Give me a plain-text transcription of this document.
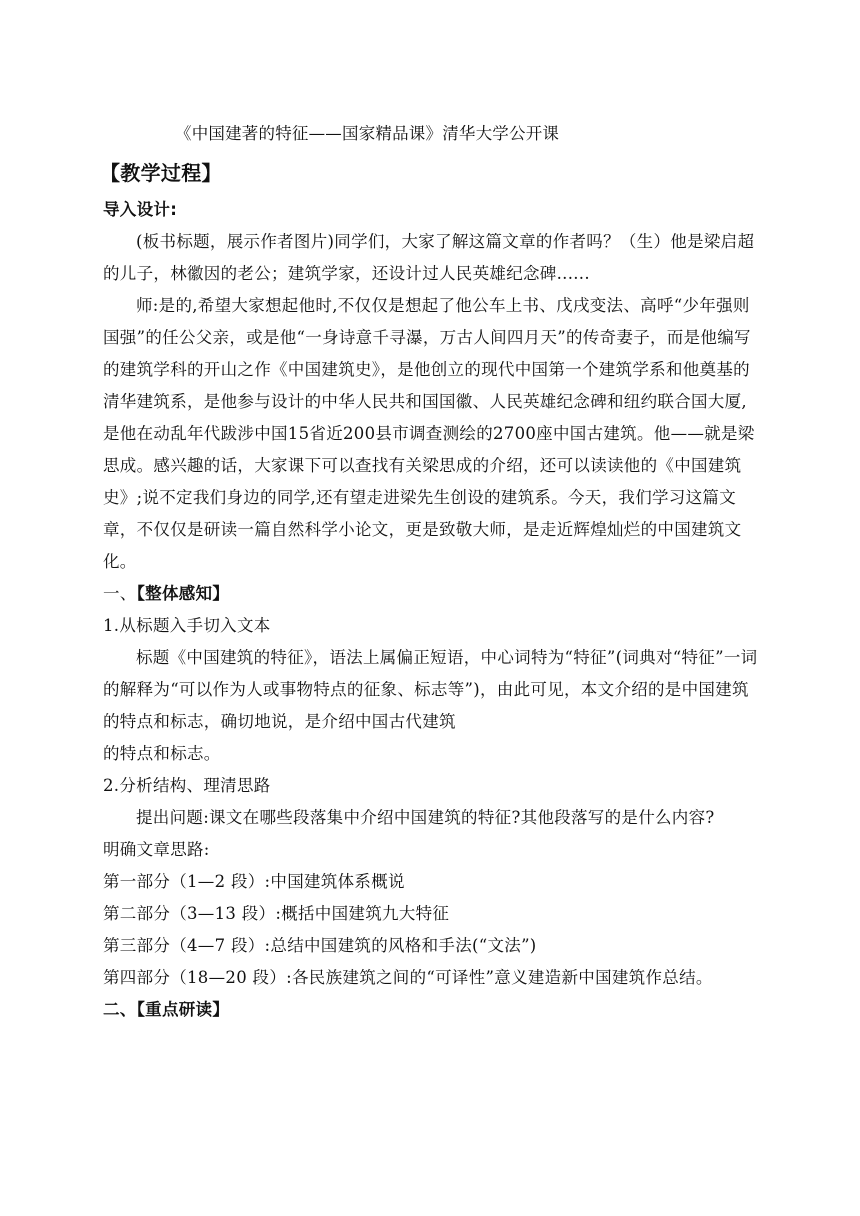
《中国建著的特征——国家精品课》清华大学公开课

【教学过程】

导入设计:

(板书标题，展示作者图片)同学们，大家了解这篇文章的作者吗？（生）他是梁启超的儿子，林徽因的老公；建筑学家，还设计过人民英雄纪念碑......

师:是的,希望大家想起他时,不仅仅是想起了他公车上书、戊戌变法、高呼“少年强则国强”的任公父亲，或是他“一身诗意千寻瀑，万古人间四月天”的传奇妻子，而是他编写的建筑学科的开山之作《中国建筑史》，是他创立的现代中国第一个建筑学系和他奠基的清华建筑系，是他参与设计的中华人民共和国国徽、人民英雄纪念碑和纽约联合国大厦,是他在动乱年代跋涉中国15省近200县市调查测绘的2700座中国古建筑。他——就是梁思成。感兴趣的话，大家课下可以查找有关梁思成的介绍，还可以读读他的《中国建筑史》;说不定我们身边的同学,还有望走进梁先生创设的建筑系。今天，我们学习这篇文章，不仅仅是研读一篇自然科学小论文，更是致敬大师，是走近辉煌灿烂的中国建筑文化。

一、【整体感知】

1.从标题入手切入文本

标题《中国建筑的特征》，语法上属偏正短语，中心词特为“特征”(词典对“特征”一词的解释为“可以作为人或事物特点的征象、标志等”)，由此可见，本文介绍的是中国建筑的特点和标志，确切地说，是介绍中国古代建筑

的特点和标志。

2.分析结构、理清思路

提出问题:课文在哪些段落集中介绍中国建筑的特征?其他段落写的是什么内容?

明确文章思路:

第一部分（1—2 段）:中国建筑体系概说

第二部分（3—13 段）:概括中国建筑九大特征

第三部分（4—7 段）:总结中国建筑的风格和手法(“文法”)

第四部分（18—20 段）:各民族建筑之间的“可译性”意义建造新中国建筑作总结。

二、【重点研读】
